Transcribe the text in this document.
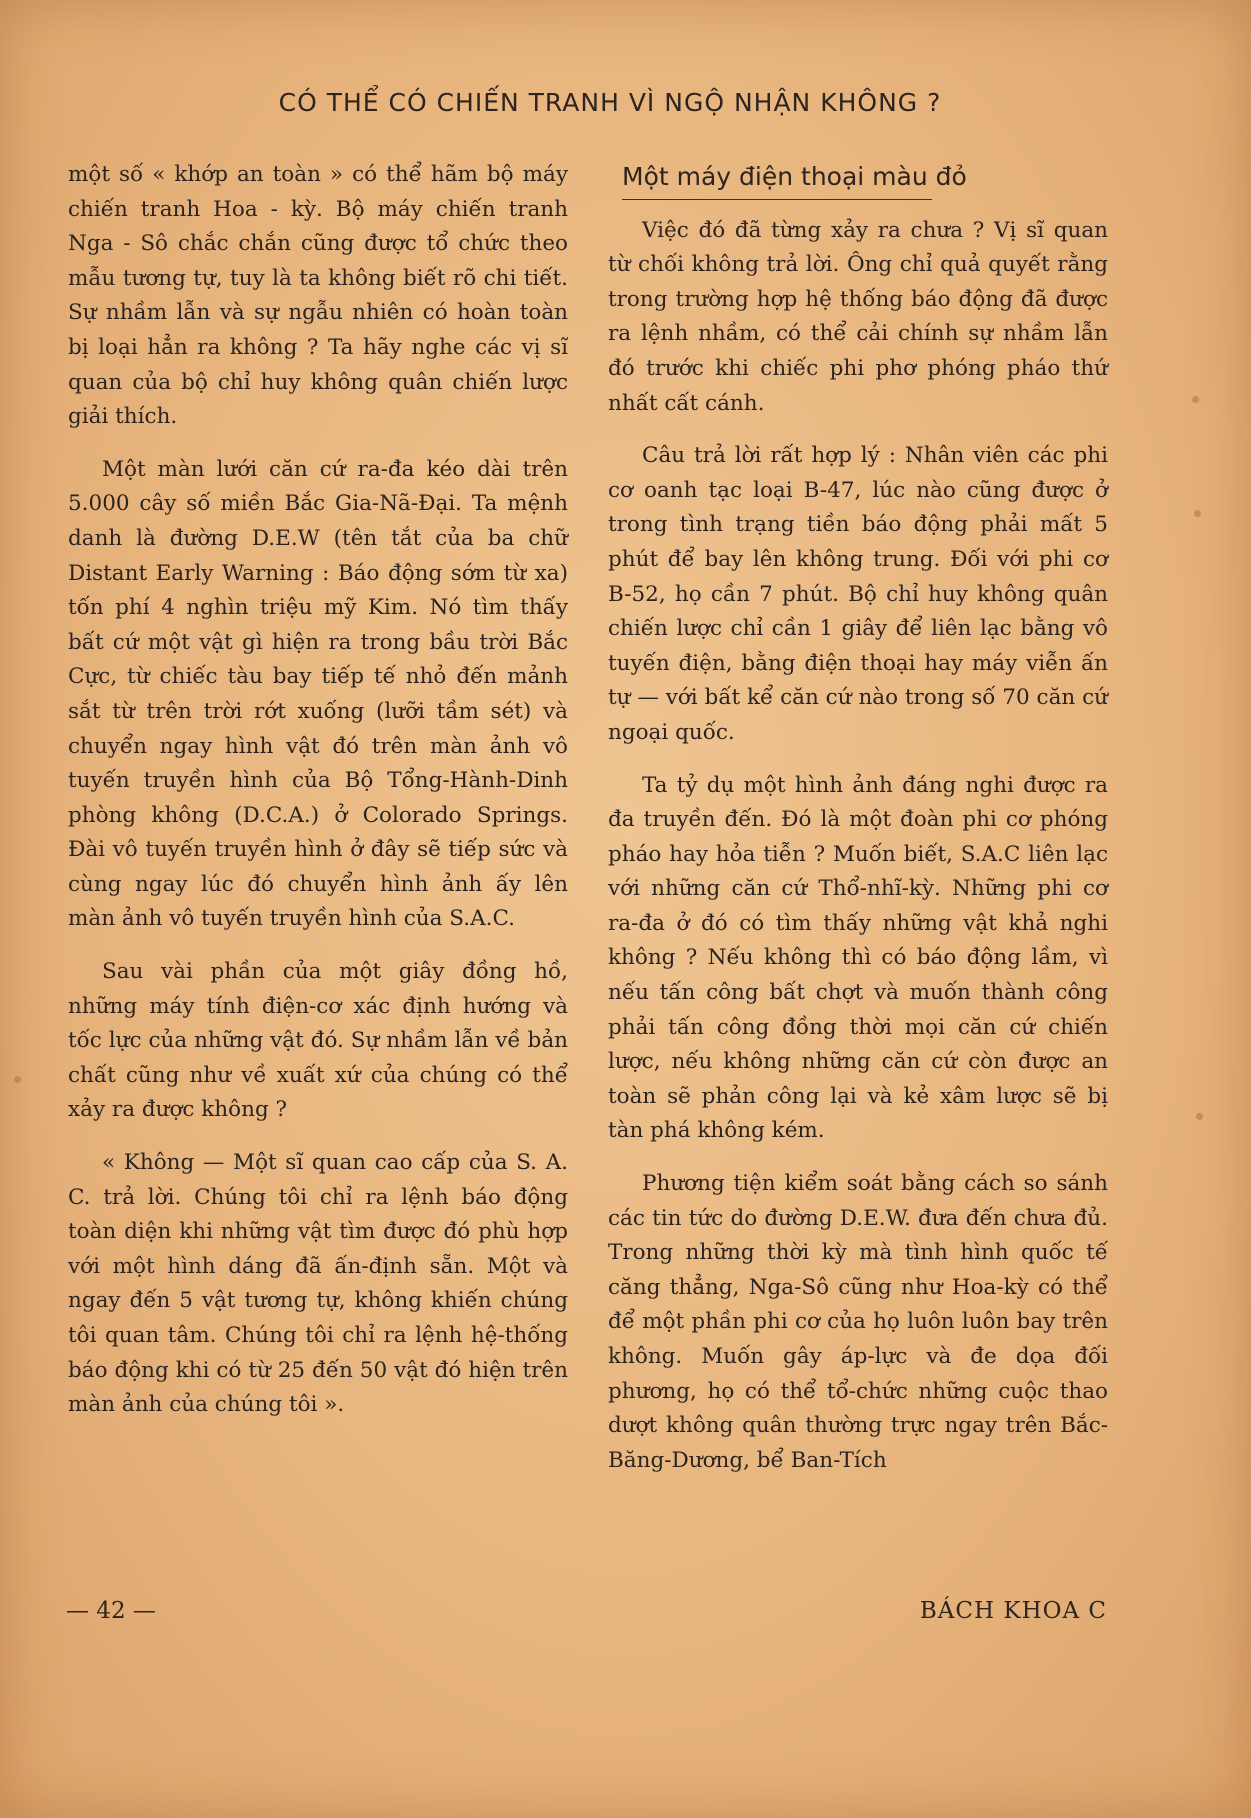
CÓ THỂ CÓ CHIẾN TRANH VÌ NGỘ NHẬN KHÔNG ?

một số « khớp an toàn » có thể hãm bộ máy chiến tranh Hoa - kỳ. Bộ máy chiến tranh Nga - Sô chắc chắn cũng được tổ chức theo mẫu tương tự, tuy là ta không biết rõ chi tiết. Sự nhầm lẫn và sự ngẫu nhiên có hoàn toàn bị loại hẳn ra không ? Ta hãy nghe các vị sĩ quan của bộ chỉ huy không quân chiến lược giải thích.

Một màn lưới căn cứ ra-đa kéo dài trên 5.000 cây số miền Bắc Gia-Nã-Đại. Ta mệnh danh là đường D.E.W (tên tắt của ba chữ Distant Early Warning : Báo động sớm từ xa) tốn phí 4 nghìn triệu mỹ Kim. Nó tìm thấy bất cứ một vật gì hiện ra trong bầu trời Bắc Cực, từ chiếc tàu bay tiếp tế nhỏ đến mảnh sắt từ trên trời rớt xuống (lưỡi tầm sét) và chuyển ngay hình vật đó trên màn ảnh vô tuyến truyền hình của Bộ Tổng-Hành-Dinh phòng không (D.C.A.) ở Colorado Springs. Đài vô tuyến truyền hình ở đây sẽ tiếp sức và cùng ngay lúc đó chuyển hình ảnh ấy lên màn ảnh vô tuyến truyền hình của S.A.C.

Sau vài phần của một giây đồng hồ, những máy tính điện-cơ xác định hướng và tốc lực của những vật đó. Sự nhầm lẫn về bản chất cũng như về xuất xứ của chúng có thể xảy ra được không ?

« Không — Một sĩ quan cao cấp của S. A. C. trả lời. Chúng tôi chỉ ra lệnh báo động toàn diện khi những vật tìm được đó phù hợp với một hình dáng đã ấn-định sẵn. Một và ngay đến 5 vật tương tự, không khiến chúng tôi quan tâm. Chúng tôi chỉ ra lệnh hệ-thống báo động khi có từ 25 đến 50 vật đó hiện trên màn ảnh của chúng tôi ».

Một máy điện thoại màu đỏ

Việc đó đã từng xảy ra chưa ? Vị sĩ quan từ chối không trả lời. Ông chỉ quả quyết rằng trong trường hợp hệ thống báo động đã được ra lệnh nhầm, có thể cải chính sự nhầm lẫn đó trước khi chiếc phi phơ phóng pháo thứ nhất cất cánh.

Câu trả lời rất hợp lý : Nhân viên các phi cơ oanh tạc loại B-47, lúc nào cũng được ở trong tình trạng tiền báo động phải mất 5 phút để bay lên không trung. Đối với phi cơ B-52, họ cần 7 phút. Bộ chỉ huy không quân chiến lược chỉ cần 1 giây để liên lạc bằng vô tuyến điện, bằng điện thoại hay máy viễn ấn tự — với bất kể căn cứ nào trong số 70 căn cứ ngoại quốc.

Ta tỷ dụ một hình ảnh đáng nghi được ra đa truyền đến. Đó là một đoàn phi cơ phóng pháo hay hỏa tiễn ? Muốn biết, S.A.C liên lạc với những căn cứ Thổ-nhĩ-kỳ. Những phi cơ ra-đa ở đó có tìm thấy những vật khả nghi không ? Nếu không thì có báo động lầm, vì nếu tấn công bất chợt và muốn thành công phải tấn công đồng thời mọi căn cứ chiến lược, nếu không những căn cứ còn được an toàn sẽ phản công lại và kẻ xâm lược sẽ bị tàn phá không kém.

Phương tiện kiểm soát bằng cách so sánh các tin tức do đường D.E.W. đưa đến chưa đủ. Trong những thời kỳ mà tình hình quốc tế căng thẳng, Nga-Sô cũng như Hoa-kỳ có thể để một phần phi cơ của họ luôn luôn bay trên không. Muốn gây áp-lực và đe dọa đối phương, họ có thể tổ-chức những cuộc thao dượt không quân thường trực ngay trên Bắc-Băng-Dương, bể Ban-Tích

— 42 —	BÁCH KHOA C
